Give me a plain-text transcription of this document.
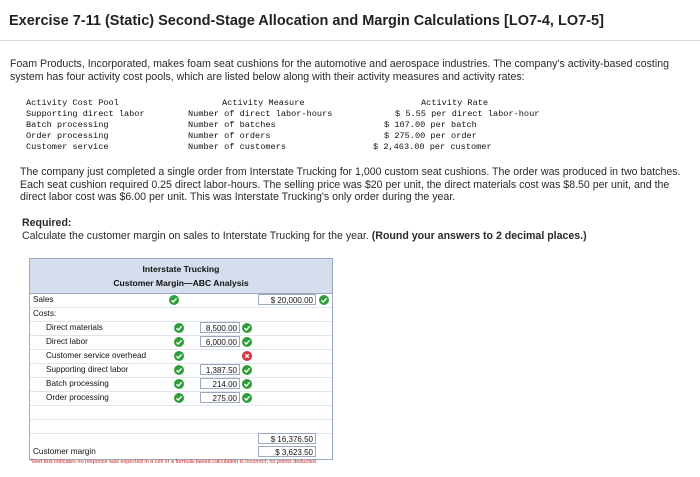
Exercise 7-11 (Static) Second-Stage Allocation and Margin Calculations [LO7-4, LO7-5]
Foam Products, Incorporated, makes foam seat cushions for the automotive and aerospace industries. The company's activity-based costing system has four activity cost pools, which are listed below along with their activity measures and activity rates:
Activity Cost Pool	Activity Measure	Activity Rate
Supporting direct labor	Number of direct labor-hours	$ 5.55 per direct labor-hour
Batch processing	Number of batches	$ 107.00 per batch
Order processing	Number of orders	$ 275.00 per order
Customer service	Number of customers	$ 2,463.00 per customer
The company just completed a single order from Interstate Trucking for 1,000 custom seat cushions. The order was produced in two batches. Each seat cushion required 0.25 direct labor-hours. The selling price was $20 per unit, the direct materials cost was $8.50 per unit, and the direct labor cost was $6.00 per unit. This was Interstate Trucking's only order during the year.
Required:
Calculate the customer margin on sales to Interstate Trucking for the year. (Round your answers to 2 decimal places.)
Interstate Trucking
Customer Margin—ABC Analysis
Sales	$ 20,000.00
Costs:
Direct materials	8,500.00
Direct labor	6,000.00
Customer service overhead
Supporting direct labor	1,387.50
Batch processing	214.00
Order processing	275.00
$ 16,376.50
Customer margin	$ 3,623.50
*Red text indicates no response was expected in a cell or a formula-based calculation is incorrect; no points deducted.
